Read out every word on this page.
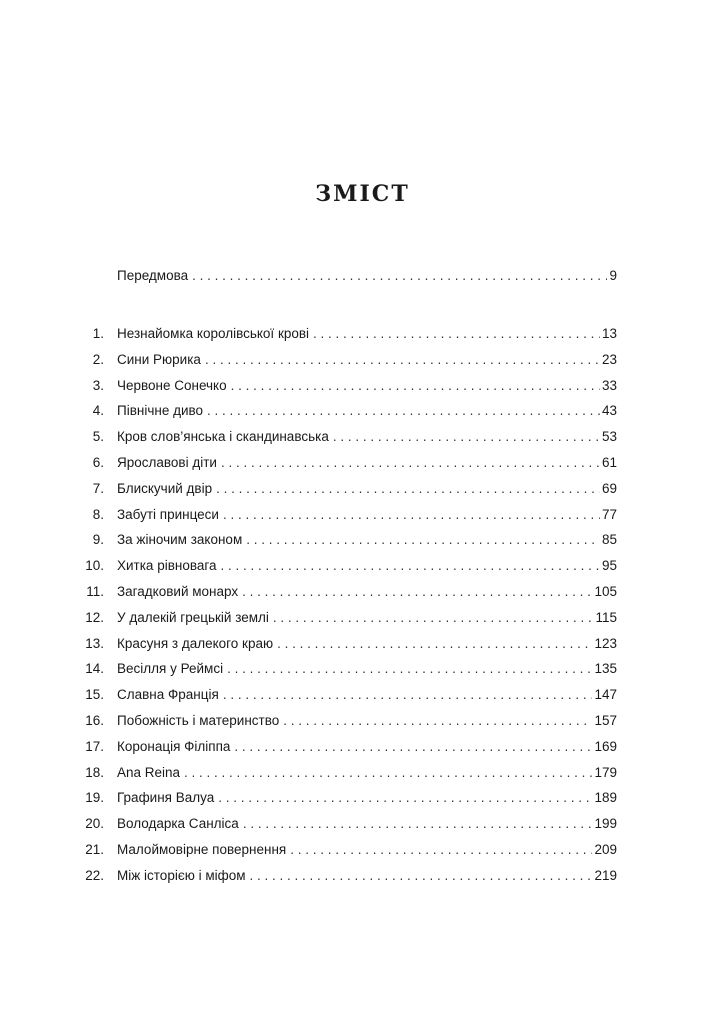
ЗМІСТ
Передмова . . .	9
1. Незнайомка королівської крові . . .	13
2. Сини Рюрика . . .	23
3. Червоне Сонечко . . .	33
4. Північне диво . . .	43
5. Кров слов’янська і скандинавська . . .	53
6. Ярославові діти . . .	61
7. Блискучий двір . . .	69
8. Забуті принцеси . . .	77
9. За жіночим законом . . .	85
10. Хитка рівновага . . .	95
11. Загадковий монарх . . .	105
12. У далекій грецькій землі . . .	115
13. Красуня з далекого краю . . .	123
14. Весілля у Реймсі . . .	135
15. Славна Франція . . .	147
16. Побожність і материнство . . .	157
17. Коронація Філіппа . . .	169
18. Ana Reina . . .	179
19. Графиня Валуа . . .	189
20. Володарка Санліса . . .	199
21. Малоймовірне повернення . . .	209
22. Між історією і міфом . . .	219
